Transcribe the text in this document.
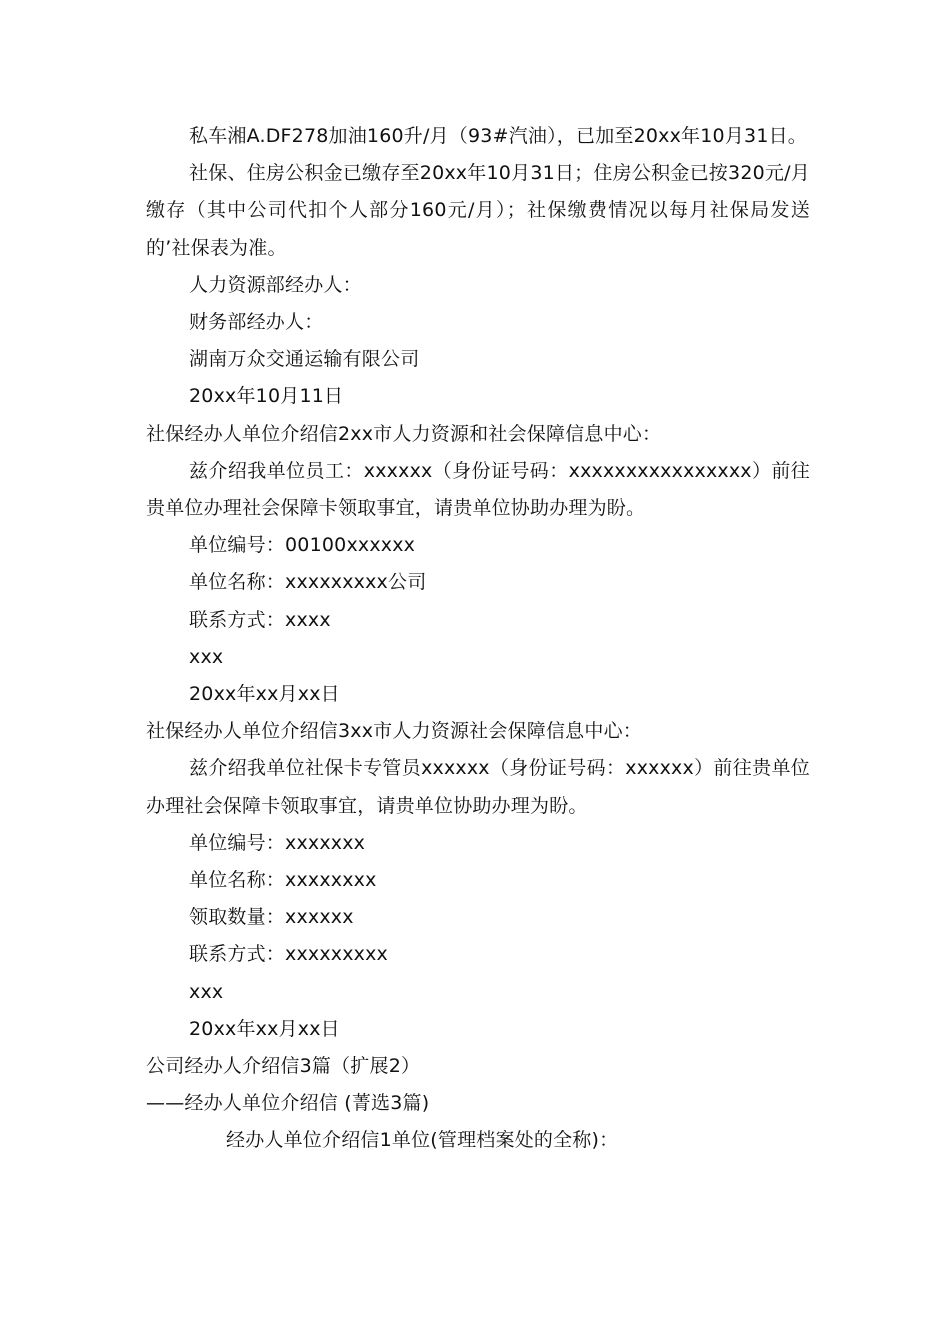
私车湘A.DF278加油160升/月（93#汽油），已加至20xx年10月31日。

社保、住房公积金已缴存至20xx年10月31日；住房公积金已按320元/月缴存（其中公司代扣个人部分160元/月）；社保缴费情况以每月社保局发送的’社保表为准。

人力资源部经办人：

财务部经办人：

湖南万众交通运输有限公司

20xx年10月11日

社保经办人单位介绍信2xx市人力资源和社会保障信息中心：

兹介绍我单位员工：xxxxxx（身份证号码：xxxxxxxxxxxxxxxx）前往贵单位办理社会保障卡领取事宜，请贵单位协助办理为盼。

单位编号：00100xxxxxx

单位名称：xxxxxxxxx公司

联系方式：xxxx

xxx

20xx年xx月xx日

社保经办人单位介绍信3xx市人力资源社会保障信息中心：

兹介绍我单位社保卡专管员xxxxxx（身份证号码：xxxxxx）前往贵单位办理社会保障卡领取事宜，请贵单位协助办理为盼。

单位编号：xxxxxxx

单位名称：xxxxxxxx

领取数量：xxxxxx

联系方式：xxxxxxxxx

xxx

20xx年xx月xx日

公司经办人介绍信3篇（扩展2）

——经办人单位介绍信 (菁选3篇)

经办人单位介绍信1单位(管理档案处的全称)：
